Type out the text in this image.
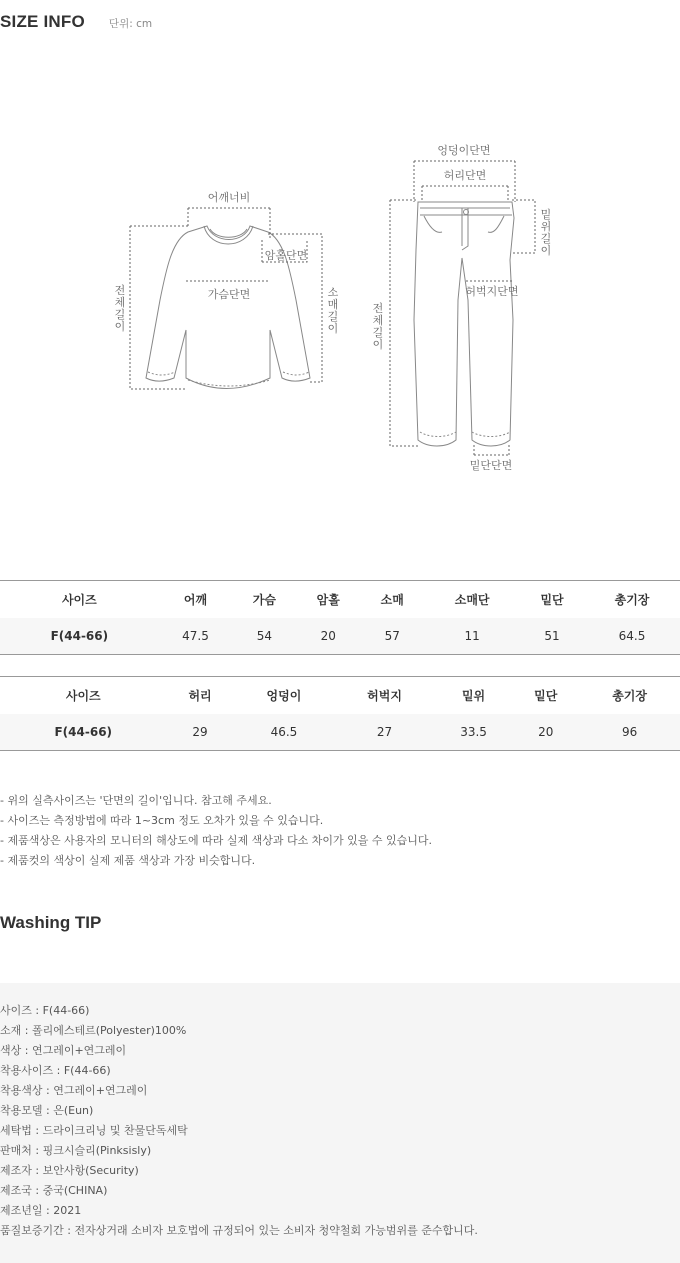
SIZE INFO 단위: cm
어깨너비
암홀단면
가슴단면
전
체
길
이
소
매
길
이
엉덩이단면
허리단면
밑
위
길
이
전
체
길
이
허벅지단면
밑단단면
사이즈	어깨	가슴	암홀	소매	소매단	밑단	총기장
F(44-66)	47.5	54	20	57	11	51	64.5
사이즈	허리	엉덩이	허벅지	밑위	밑단	총기장	
F(44-66)	29	46.5	27	33.5	20	96	
- 위의 실측사이즈는 '단면의 길이'입니다. 참고해 주세요.
- 사이즈는 측정방법에 따라 1~3cm 정도 오차가 있을 수 있습니다.
- 제품색상은 사용자의 모니터의 해상도에 따라 실제 색상과 다소 차이가 있을 수 있습니다.
- 제품컷의 색상이 실제 제품 색상과 가장 비슷합니다.
Washing TIP
사이즈 : F(44-66)
소재 : 폴리에스테르(Polyester)100%
색상 : 연그레이+연그레이
착용사이즈 : F(44-66)
착용색상 : 연그레이+연그레이
착용모델 : 은(Eun)
세탁법 : 드라이크리닝 및 찬물단독세탁
판매처 : 핑크시슬리(Pinksisly)
제조자 : 보안사항(Security)
제조국 : 중국(CHINA)
제조년일 : 2021
품질보증기간 : 전자상거래 소비자 보호법에 규정되어 있는 소비자 청약철회 가능범위를 준수합니다.
